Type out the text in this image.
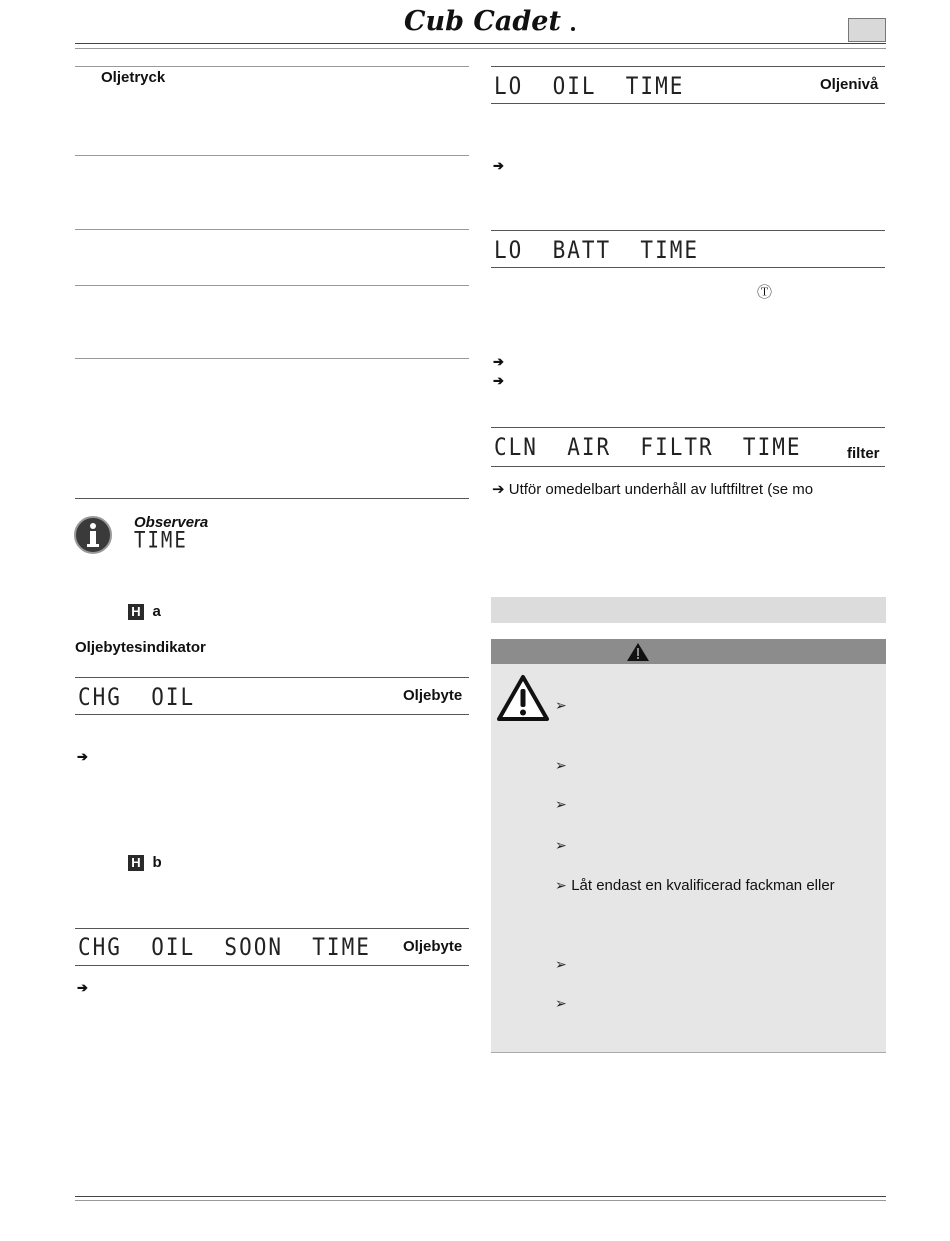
Cub Cadet
Oljetryck
Observera
TIME
H a
Oljebytesindikator
CHG  OIL	Oljebyte
➔
H b
CHG  OIL  SOON  TIME Oljebyte
➔
LO  OIL  TIME	Oljenivå
➔
LO  BATT  TIME
Ⓣ
➔
➔
CLN  AIR  FILTR  TIME	filter
➔ Utför omedelbart underhåll av luftfiltret (se mo
➢
➢
➢
➢
➢ Låt endast en kvalificerad fackman eller
➢
➢
